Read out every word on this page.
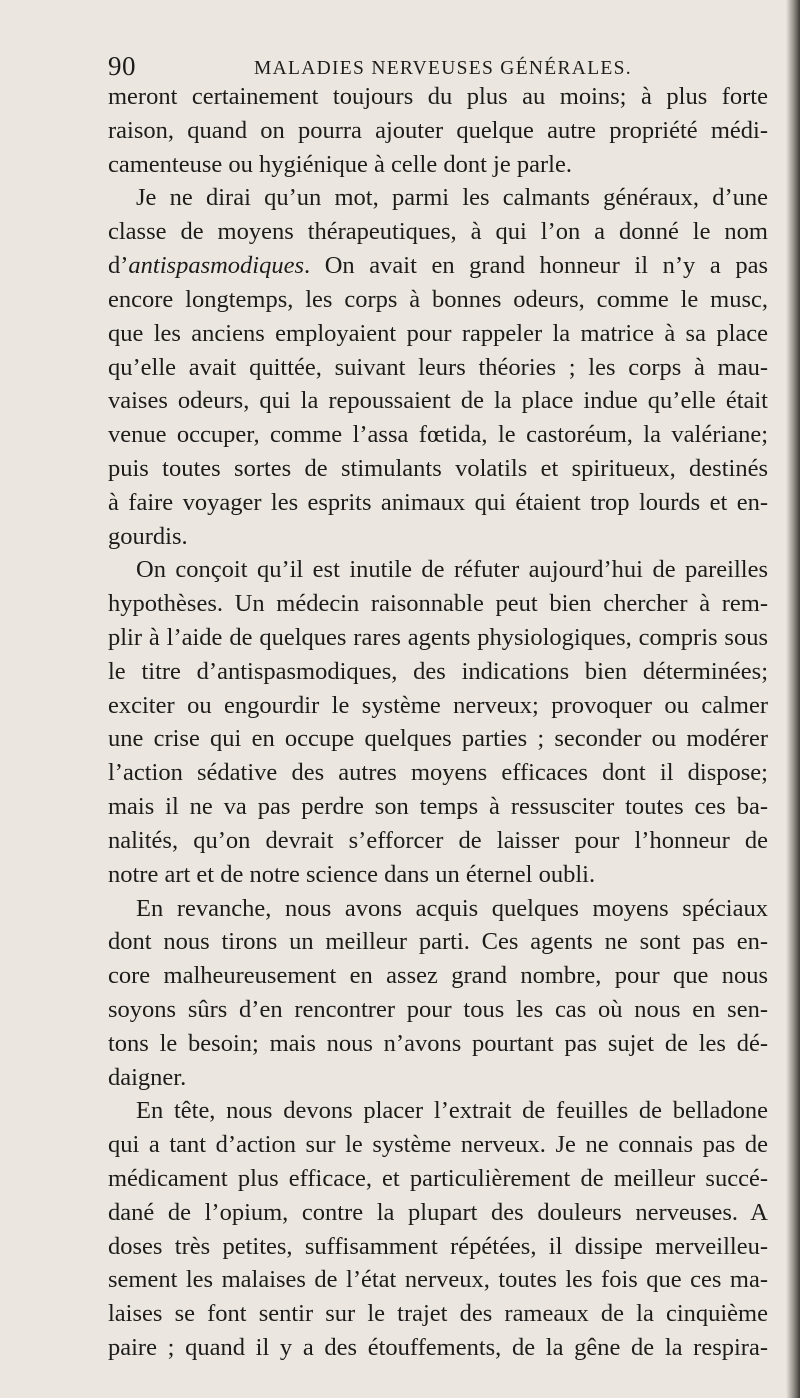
90	MALADIES NERVEUSES GÉNÉRALES.
meront certainement toujours du plus au moins; à plus forte
raison, quand on pourra ajouter quelque autre propriété médi-
camenteuse ou hygiénique à celle dont je parle.
Je ne dirai qu’un mot, parmi les calmants généraux, d’une
classe de moyens thérapeutiques, à qui l’on a donné le nom
d’antispasmodiques. On avait en grand honneur il n’y a pas
encore longtemps, les corps à bonnes odeurs, comme le musc,
que les anciens employaient pour rappeler la matrice à sa place
qu’elle avait quittée, suivant leurs théories ; les corps à mau-
vaises odeurs, qui la repoussaient de la place indue qu’elle était
venue occuper, comme l’assa fœtida, le castoréum, la valériane;
puis toutes sortes de stimulants volatils et spiritueux, destinés
à faire voyager les esprits animaux qui étaient trop lourds et en-
gourdis.
On conçoit qu’il est inutile de réfuter aujourd’hui de pareilles
hypothèses. Un médecin raisonnable peut bien chercher à rem-
plir à l’aide de quelques rares agents physiologiques, compris sous
le titre d’antispasmodiques, des indications bien déterminées;
exciter ou engourdir le système nerveux; provoquer ou calmer
une crise qui en occupe quelques parties ; seconder ou modérer
l’action sédative des autres moyens efficaces dont il dispose;
mais il ne va pas perdre son temps à ressusciter toutes ces ba-
nalités, qu’on devrait s’efforcer de laisser pour l’honneur de
notre art et de notre science dans un éternel oubli.
En revanche, nous avons acquis quelques moyens spéciaux
dont nous tirons un meilleur parti. Ces agents ne sont pas en-
core malheureusement en assez grand nombre, pour que nous
soyons sûrs d’en rencontrer pour tous les cas où nous en sen-
tons le besoin; mais nous n’avons pourtant pas sujet de les dé-
daigner.
En tête, nous devons placer l’extrait de feuilles de belladone
qui a tant d’action sur le système nerveux. Je ne connais pas de
médicament plus efficace, et particulièrement de meilleur succé-
dané de l’opium, contre la plupart des douleurs nerveuses. A
doses très petites, suffisamment répétées, il dissipe merveilleu-
sement les malaises de l’état nerveux, toutes les fois que ces ma-
laises se font sentir sur le trajet des rameaux de la cinquième
paire ; quand il y a des étouffements, de la gêne de la respira-
